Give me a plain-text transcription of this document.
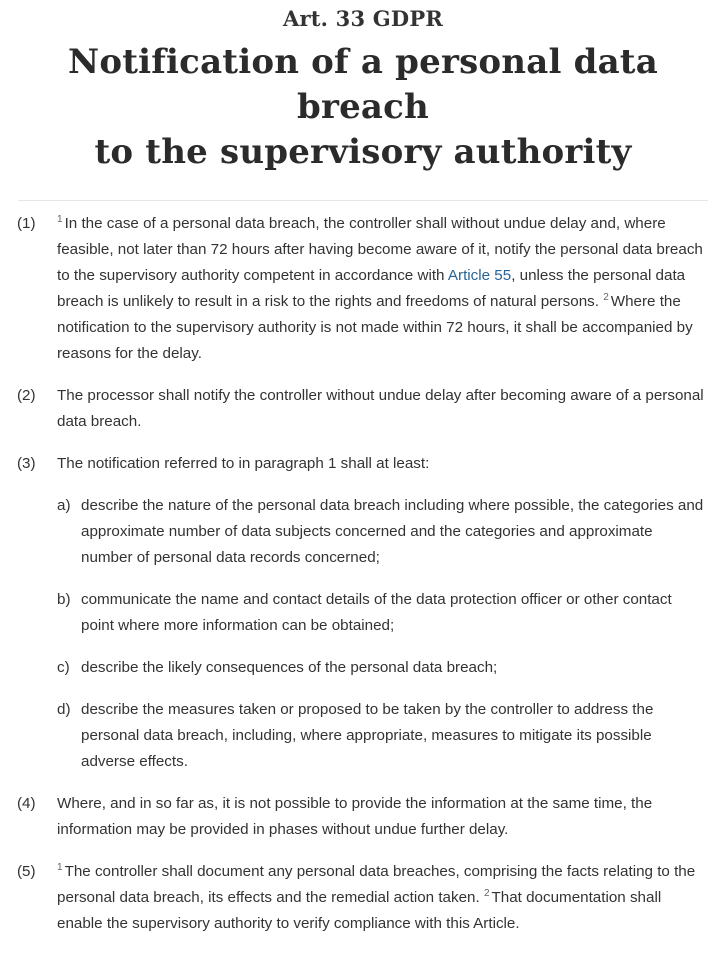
Art. 33 GDPR
Notification of a personal data breach
to the supervisory authority
(1) $^1$ In the case of a personal data breach, the controller shall without undue delay and, where feasible, not later than 72 hours after having become aware of it, notify the personal data breach to the supervisory authority competent in accordance with Article 55, unless the personal data breach is unlikely to result in a risk to the rights and freedoms of natural persons. $^2$ Where the notification to the supervisory authority is not made within 72 hours, it shall be accompanied by reasons for the delay.
(2) The processor shall notify the controller without undue delay after becoming aware of a personal data breach.
(3) The notification referred to in paragraph 1 shall at least:
a) describe the nature of the personal data breach including where possible, the categories and approximate number of data subjects concerned and the categories and approximate number of personal data records concerned;
b) communicate the name and contact details of the data protection officer or other contact point where more information can be obtained;
c) describe the likely consequences of the personal data breach;
d) describe the measures taken or proposed to be taken by the controller to address the personal data breach, including, where appropriate, measures to mitigate its possible adverse effects.
(4) Where, and in so far as, it is not possible to provide the information at the same time, the information may be provided in phases without undue further delay.
(5) $^1$ The controller shall document any personal data breaches, comprising the facts relating to the personal data breach, its effects and the remedial action taken. $^2$ That documentation shall enable the supervisory authority to verify compliance with this Article.
